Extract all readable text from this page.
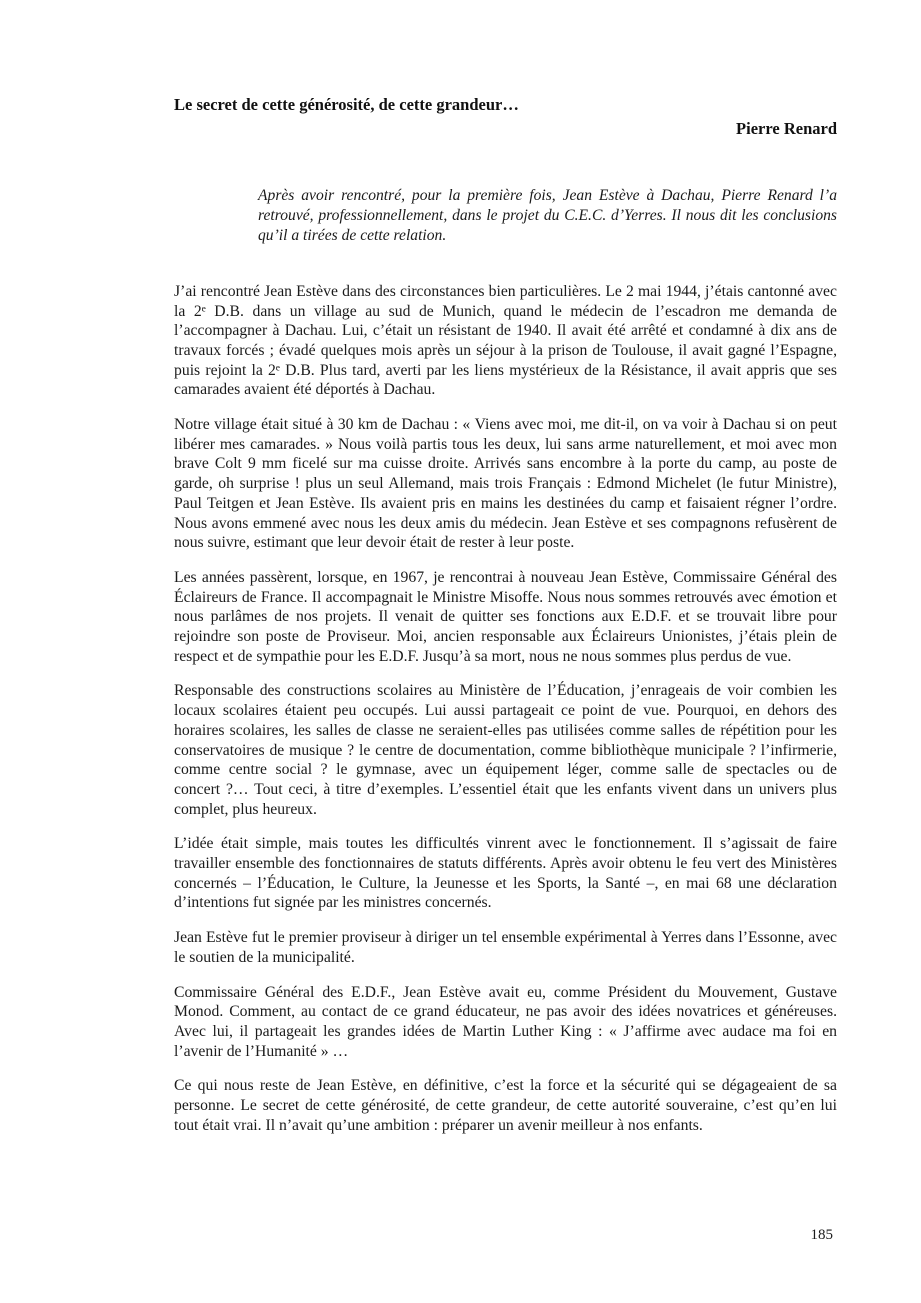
Le secret de cette générosité, de cette grandeur…
Pierre Renard
Après avoir rencontré, pour la première fois, Jean Estève à Dachau, Pierre Renard l’a retrouvé, professionnellement, dans le projet du C.E.C. d’Yerres. Il nous dit les conclusions qu’il a tirées de cette relation.

J’ai rencontré Jean Estève dans des circonstances bien particulières. Le 2 mai 1944, j’étais cantonné avec la 2ᵉ D.B. dans un village au sud de Munich, quand le médecin de l’escadron me demanda de l’accompagner à Dachau. Lui, c’était un résistant de 1940. Il avait été arrêté et condamné à dix ans de travaux forcés ; évadé quelques mois après un séjour à la prison de Toulouse, il avait gagné l’Espagne, puis rejoint la 2ᵉ D.B. Plus tard, averti par les liens mystérieux de la Résistance, il avait appris que ses camarades avaient été déportés à Dachau.

Notre village était situé à 30 km de Dachau : « Viens avec moi, me dit-il, on va voir à Dachau si on peut libérer mes camarades. » Nous voilà partis tous les deux, lui sans arme naturellement, et moi avec mon brave Colt 9 mm ficelé sur ma cuisse droite. Arrivés sans encombre à la porte du camp, au poste de garde, oh surprise ! plus un seul Allemand, mais trois Français : Edmond Michelet (le futur Ministre), Paul Teitgen et Jean Estève. Ils avaient pris en mains les destinées du camp et faisaient régner l’ordre. Nous avons emmené avec nous les deux amis du médecin. Jean Estève et ses compagnons refusèrent de nous suivre, estimant que leur devoir était de rester à leur poste.

Les années passèrent, lorsque, en 1967, je rencontrai à nouveau Jean Estève, Commissaire Général des Éclaireurs de France. Il accompagnait le Ministre Misoffe. Nous nous sommes retrouvés avec émotion et nous parlâmes de nos projets. Il venait de quitter ses fonctions aux E.D.F. et se trouvait libre pour rejoindre son poste de Proviseur. Moi, ancien responsable aux Éclaireurs Unionistes, j’étais plein de respect et de sympathie pour les E.D.F. Jusqu’à sa mort, nous ne nous sommes plus perdus de vue.

Responsable des constructions scolaires au Ministère de l’Éducation, j’enrageais de voir combien les locaux scolaires étaient peu occupés. Lui aussi partageait ce point de vue. Pourquoi, en dehors des horaires scolaires, les salles de classe ne seraient-elles pas utilisées comme salles de répétition pour les conservatoires de musique ? le centre de documentation, comme bibliothèque municipale ? l’infirmerie, comme centre social ? le gymnase, avec un équipement léger, comme salle de spectacles ou de concert ?… Tout ceci, à titre d’exemples. L’essentiel était que les enfants vivent dans un univers plus complet, plus heureux.

L’idée était simple, mais toutes les difficultés vinrent avec le fonctionnement. Il s’agissait de faire travailler ensemble des fonctionnaires de statuts différents. Après avoir obtenu le feu vert des Ministères concernés – l’Éducation, le Culture, la Jeunesse et les Sports, la Santé –, en mai 68 une déclaration d’intentions fut signée par les ministres concernés.

Jean Estève fut le premier proviseur à diriger un tel ensemble expérimental à Yerres dans l’Essonne, avec le soutien de la municipalité.

Commissaire Général des E.D.F., Jean Estève avait eu, comme Président du Mouvement, Gustave Monod. Comment, au contact de ce grand éducateur, ne pas avoir des idées novatrices et généreuses. Avec lui, il partageait les grandes idées de Martin Luther King : « J’affirme avec audace ma foi en l’avenir de l’Humanité » …

Ce qui nous reste de Jean Estève, en définitive, c’est la force et la sécurité qui se dégageaient de sa personne. Le secret de cette générosité, de cette grandeur, de cette autorité souveraine, c’est qu’en lui tout était vrai. Il n’avait qu’une ambition : préparer un avenir meilleur à nos enfants.

185
